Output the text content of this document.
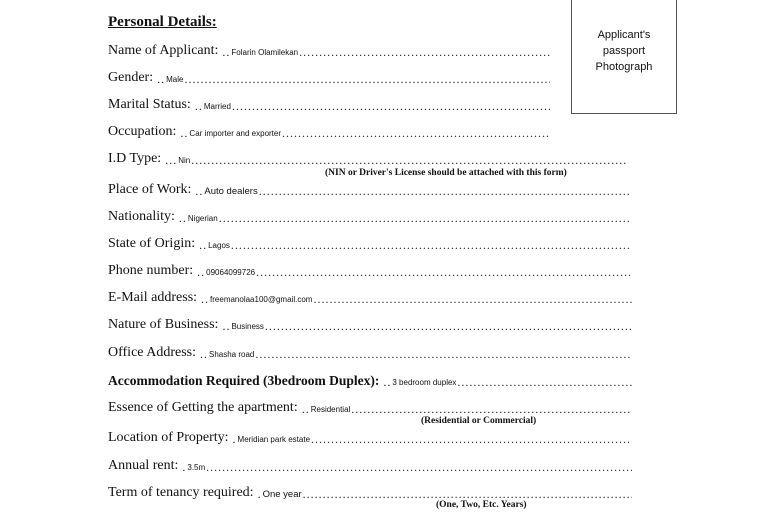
Personal Details:
Applicant's
passport
Photograph
Name of Applicant: .. Folarin Olamilekan
.....
Gender: .. Male
.....
Marital Status: .. Married
.....
Occupation: .. Car importer and exporter
.....
I.D Type: ... Nin
.....
(NIN or Driver's License should be attached with this form)
Place of Work: .. Auto dealers
.....
Nationality: .. Nigerian
.....
State of Origin: .. Lagos
.....
Phone number: .. 09064099726
.....
E-Mail address: .. freemanolaa100@gmail.com
.....
Nature of Business: .. Business
.....
Office Address: .. Shasha road
.....
Accommodation Required (3bedroom Duplex): .. 3 bedroom duplex
.....
Essence of Getting the apartment: .. Residential
.....
(Residential or Commercial)
Location of Property: . Meridian park estate
.....
Annual rent: . 3.5m
.....
Term of tenancy required: . One year
.....
(One, Two, Etc. Years)
